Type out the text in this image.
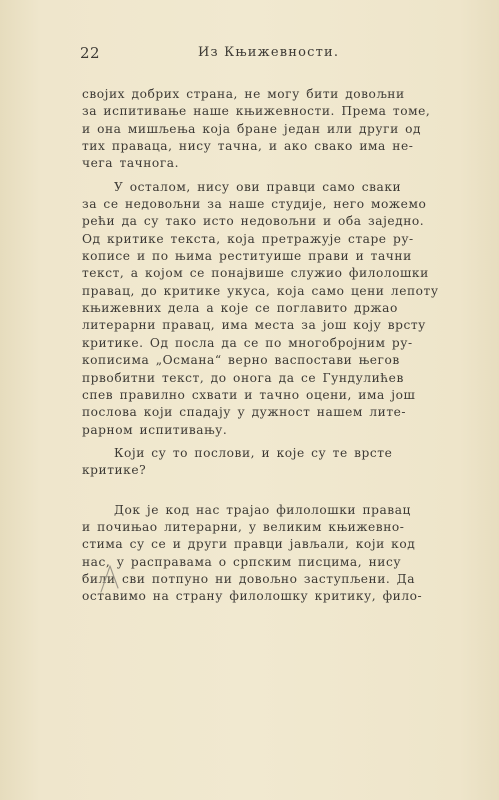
22	Из Књижевности.
својих добрих страна, не могу бити довољни
за испитивање наше књижевности. Према томе,
и она мишљења која бране један или други од
тих праваца, нису тачна, и ако свако има не-
чега тачнога.
У осталом, нису ови правци само сваки
за се недовољни за наше студије, него можемо
рећи да су тако исто недовољни и оба заједно.
Од критике текста, која претражује старе ру-
кописе и по њима реституише прави и тачни
текст, а којом се понајвише служио филолошки
правац, до критике укуса, која само цени лепоту
књижевних дела а које се поглавито држао
литерарни правац, има места за још коју врсту
критике. Од посла да се по многобројним ру-
кописима „Османа“ верно васпостави његов
првобитни текст, до онога да се Гундулићев
спев правилно схвати и тачно оцени, има још
послова који спадају у дужност нашем лите-
рарном испитивању.
Који су то послови, и које су те врсте
критике?
Док је код нас трајао филолошки правац
и почињао литерарни, у великим књижевно-
стима су се и други правци јављали, који код
нас, у расправама о српским писцима, нису
били сви потпуно ни довољно заступљени. Да
оставимо на страну филолошку критику, фило-
